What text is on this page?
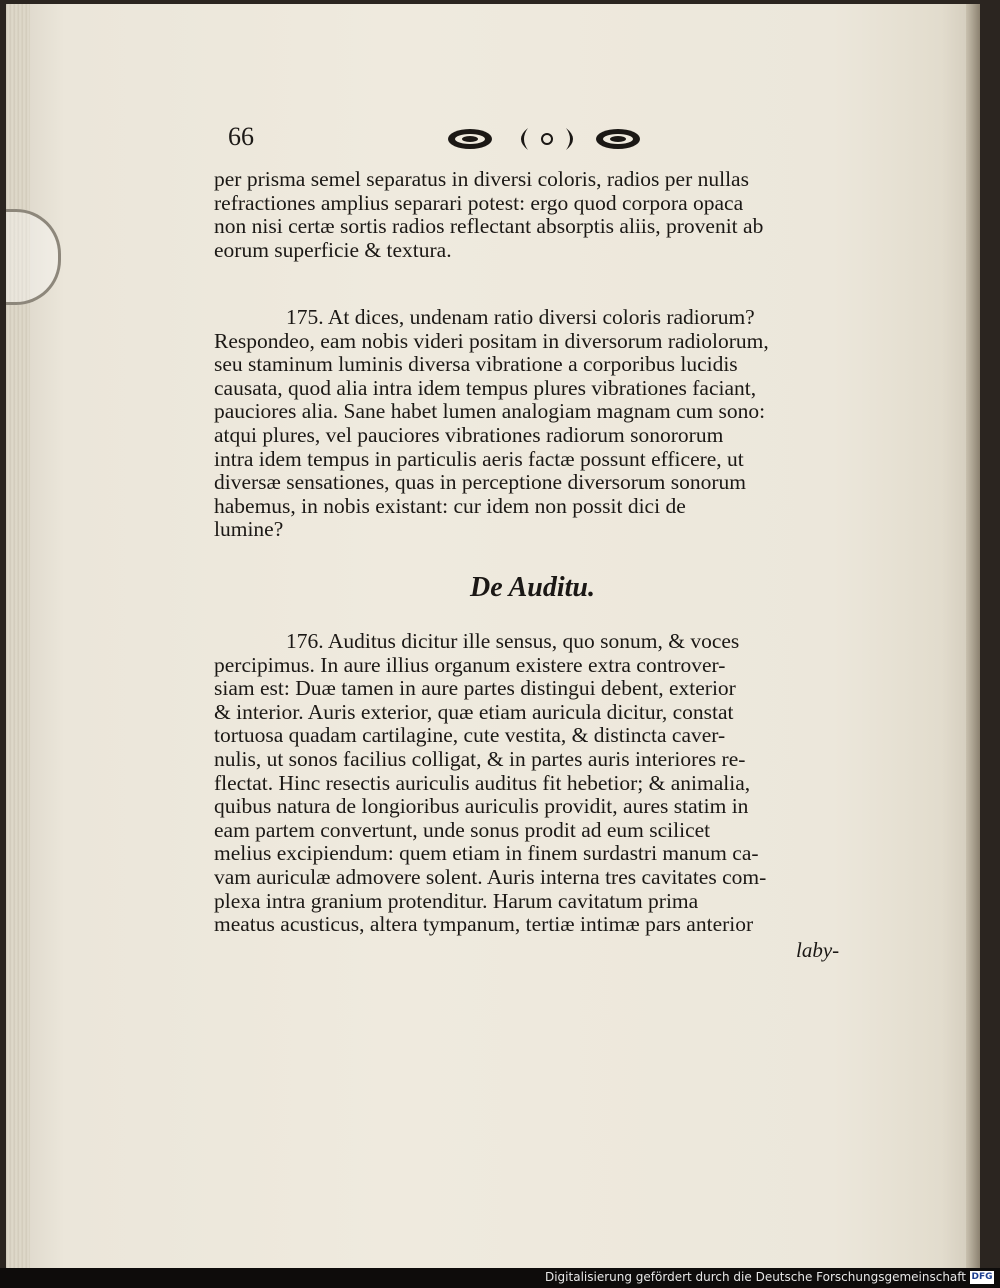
66
per prisma semel separatus in diversi coloris, radios per nullas
refractiones amplius separari potest: ergo quod corpora opaca
non nisi certæ sortis radios reflectant absorptis aliis, provenit ab
eorum superficie & textura.
175. At dices, undenam ratio diversi coloris radiorum?
Respondeo, eam nobis videri positam in diversorum radiolorum,
seu staminum luminis diversa vibratione a corporibus lucidis
causata, quod alia intra idem tempus plures vibrationes faciant,
pauciores alia. Sane habet lumen analogiam magnam cum sono:
atqui plures, vel pauciores vibrationes radiorum sonororum
intra idem tempus in particulis aeris factæ possunt efficere, ut
diversæ sensationes, quas in perceptione diversorum sonorum
habemus, in nobis existant: cur idem non possit dici de
lumine?
De Auditu.
176. Auditus dicitur ille sensus, quo sonum, & voces
percipimus. In aure illius organum existere extra controver-
siam est: Duæ tamen in aure partes distingui debent, exterior
& interior. Auris exterior, quæ etiam auricula dicitur, constat
tortuosa quadam cartilagine, cute vestita, & distincta caver-
nulis, ut sonos facilius colligat, & in partes auris interiores re-
flectat. Hinc resectis auriculis auditus fit hebetior; & animalia,
quibus natura de longioribus auriculis providit, aures statim in
eam partem convertunt, unde sonus prodit ad eum scilicet
melius excipiendum: quem etiam in finem surdastri manum ca-
vam auriculæ admovere solent. Auris interna tres cavitates com-
plexa intra granium protenditur. Harum cavitatum prima
meatus acusticus, altera tympanum, tertiæ intimæ pars anterior
laby-
Digitalisierung gefördert durch die Deutsche Forschungsgemeinschaft DFG
